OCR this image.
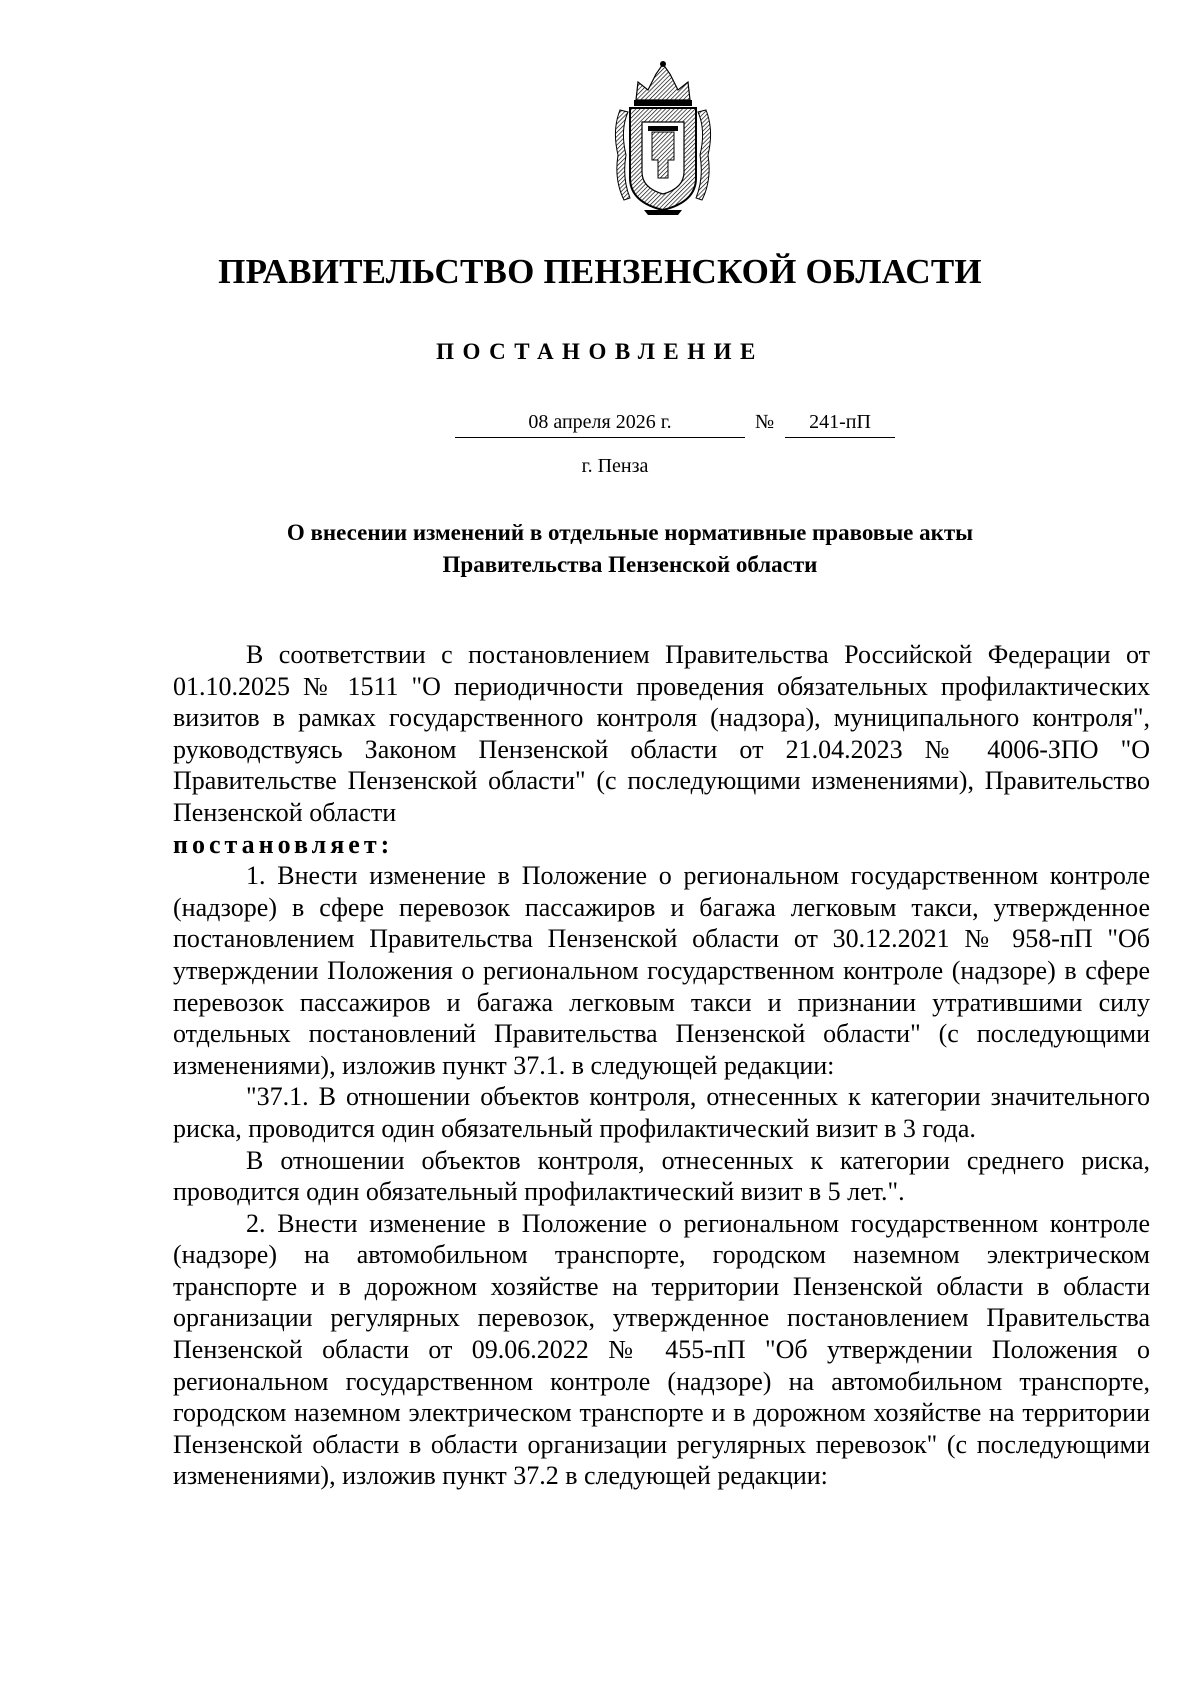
ПРАВИТЕЛЬСТВО ПЕНЗЕНСКОЙ ОБЛАСТИ
ПОСТАНОВЛЕНИЕ
08 апреля 2026 г.	№	241-пП
г. Пенза
О внесении изменений в отдельные нормативные правовые акты
Правительства Пензенской области

В соответствии с постановлением Правительства Российской Федерации от 01.10.2025 № 1511 "О периодичности проведения обязательных профилактических визитов в рамках государственного контроля (надзора), муниципального контроля", руководствуясь Законом Пензенской области от 21.04.2023 № 4006-ЗПО "О Правительстве Пензенской области" (с последующими изменениями), Правительство Пензенской области

постановляет:

1. Внести изменение в Положение о региональном государственном контроле (надзоре) в сфере перевозок пассажиров и багажа легковым такси, утвержденное постановлением Правительства Пензенской области от 30.12.2021 № 958-пП "Об утверждении Положения о региональном государственном контроле (надзоре) в сфере перевозок пассажиров и багажа легковым такси и признании утратившими силу отдельных постановлений Правительства Пензенской области" (с последующими изменениями), изложив пункт 37.1. в следующей редакции:

"37.1. В отношении объектов контроля, отнесенных к категории значительного риска, проводится один обязательный профилактический визит в 3 года.

В отношении объектов контроля, отнесенных к категории среднего риска, проводится один обязательный профилактический визит в 5 лет.".

2. Внести изменение в Положение о региональном государственном контроле (надзоре) на автомобильном транспорте, городском наземном электрическом транспорте и в дорожном хозяйстве на территории Пензенской области в области организации регулярных перевозок, утвержденное постановлением Правительства Пензенской области от 09.06.2022 № 455-пП "Об утверждении Положения о региональном государственном контроле (надзоре) на автомобильном транспорте, городском наземном электрическом транспорте и в дорожном хозяйстве на территории Пензенской области в области организации регулярных перевозок" (с последующими изменениями), изложив пункт 37.2 в следующей редакции:
